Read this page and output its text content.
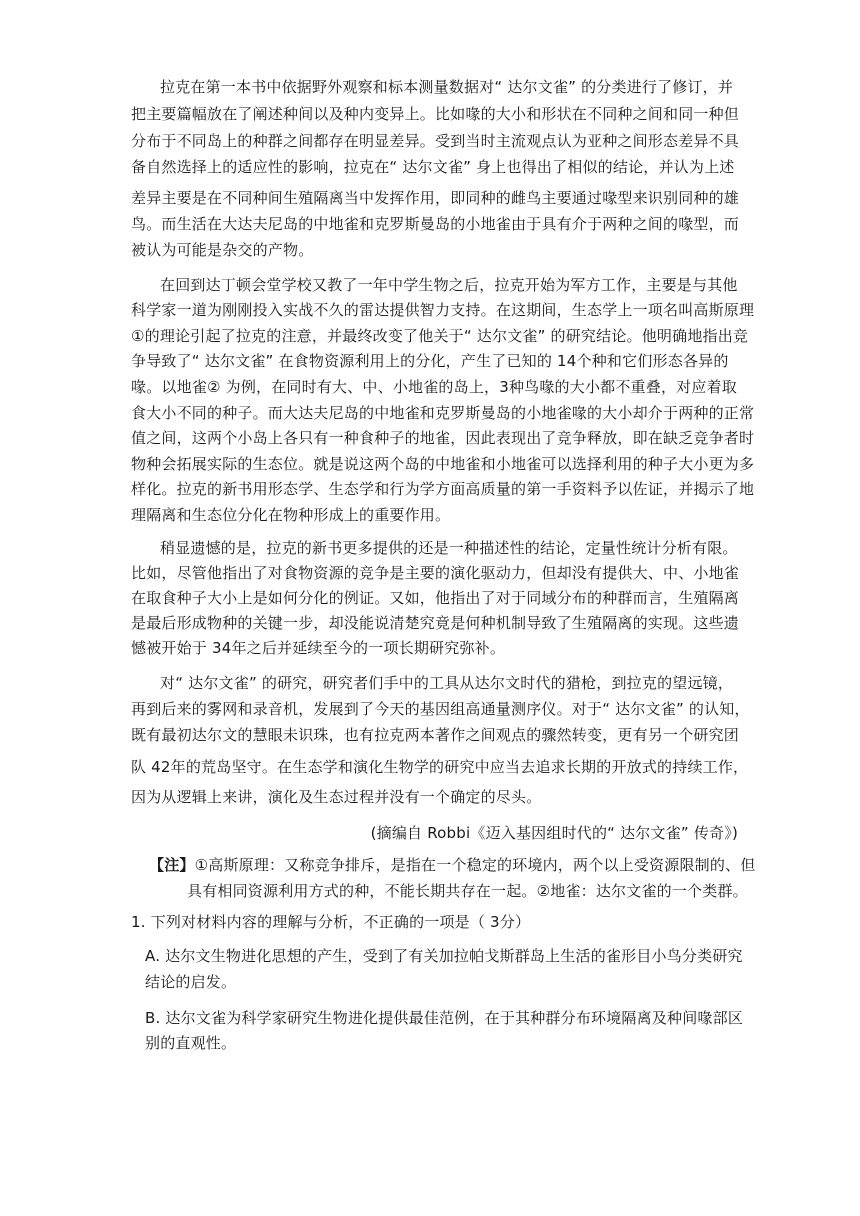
拉克在第一本书中依据野外观察和标本测量数据对“ 达尔文雀” 的分类进行了修订，并
把主要篇幅放在了阐述种间以及种内变异上。比如喙的大小和形状在不同种之间和同一种但
分布于不同岛上的种群之间都存在明显差异。受到当时主流观点认为亚种之间形态差异不具
备自然选择上的适应性的影响，拉克在“ 达尔文雀” 身上也得出了相似的结论，并认为上述
差异主要是在不同种间生殖隔离当中发挥作用，即同种的雌鸟主要通过喙型来识别同种的雄
鸟。而生活在大达夫尼岛的中地雀和克罗斯曼岛的小地雀由于具有介于两种之间的喙型，而
被认为可能是杂交的产物。
在回到达丁顿会堂学校又教了一年中学生物之后，拉克开始为军方工作，主要是与其他
科学家一道为刚刚投入实战不久的雷达提供智力支持。在这期间，生态学上一项名叫高斯原理
①的理论引起了拉克的注意，并最终改变了他关于“ 达尔文雀” 的研究结论。他明确地指出竞
争导致了“ 达尔文雀” 在食物资源利用上的分化，产生了已知的 14个种和它们形态各异的
喙。以地雀② 为例，在同时有大、中、小地雀的岛上，3种鸟喙的大小都不重叠，对应着取
食大小不同的种子。而大达夫尼岛的中地雀和克罗斯曼岛的小地雀喙的大小却介于两种的正常
值之间，这两个小岛上各只有一种食种子的地雀，因此表现出了竞争释放，即在缺乏竞争者时
物种会拓展实际的生态位。就是说这两个岛的中地雀和小地雀可以选择利用的种子大小更为多
样化。拉克的新书用形态学、生态学和行为学方面高质量的第一手资料予以佐证，并揭示了地
理隔离和生态位分化在物种形成上的重要作用。
稍显遗憾的是，拉克的新书更多提供的还是一种描述性的结论，定量性统计分析有限。
比如，尽管他指出了对食物资源的竞争是主要的演化驱动力，但却没有提供大、中、小地雀
在取食种子大小上是如何分化的例证。又如，他指出了对于同域分布的种群而言，生殖隔离
是最后形成物种的关键一步，却没能说清楚究竟是何种机制导致了生殖隔离的实现。这些遗
憾被开始于 34年之后并延续至今的一项长期研究弥补。
对“ 达尔文雀” 的研究，研究者们手中的工具从达尔文时代的猎枪，到拉克的望远镜，
再到后来的雾网和录音机，发展到了今天的基因组高通量测序仪。对于“ 达尔文雀” 的认知，
既有最初达尔文的慧眼未识珠，也有拉克两本著作之间观点的骤然转变，更有另一个研究团
队 42年的荒岛坚守。在生态学和演化生物学的研究中应当去追求长期的开放式的持续工作，
因为从逻辑上来讲，演化及生态过程并没有一个确定的尽头。
(摘编自 Robbi《迈入基因组时代的“ 达尔文雀” 传奇》)
【注】①高斯原理：又称竞争排斥，是指在一个稳定的环境内，两个以上受资源限制的、但
具有相同资源利用方式的种，不能长期共存在一起。②地雀：达尔文雀的一个类群。
1. 下列对材料内容的理解与分析，不正确的一项是（ 3分）
A. 达尔文生物进化思想的产生，受到了有关加拉帕戈斯群岛上生活的雀形目小鸟分类研究
结论的启发。
B. 达尔文雀为科学家研究生物进化提供最佳范例，在于其种群分布环境隔离及种间喙部区
别的直观性。
